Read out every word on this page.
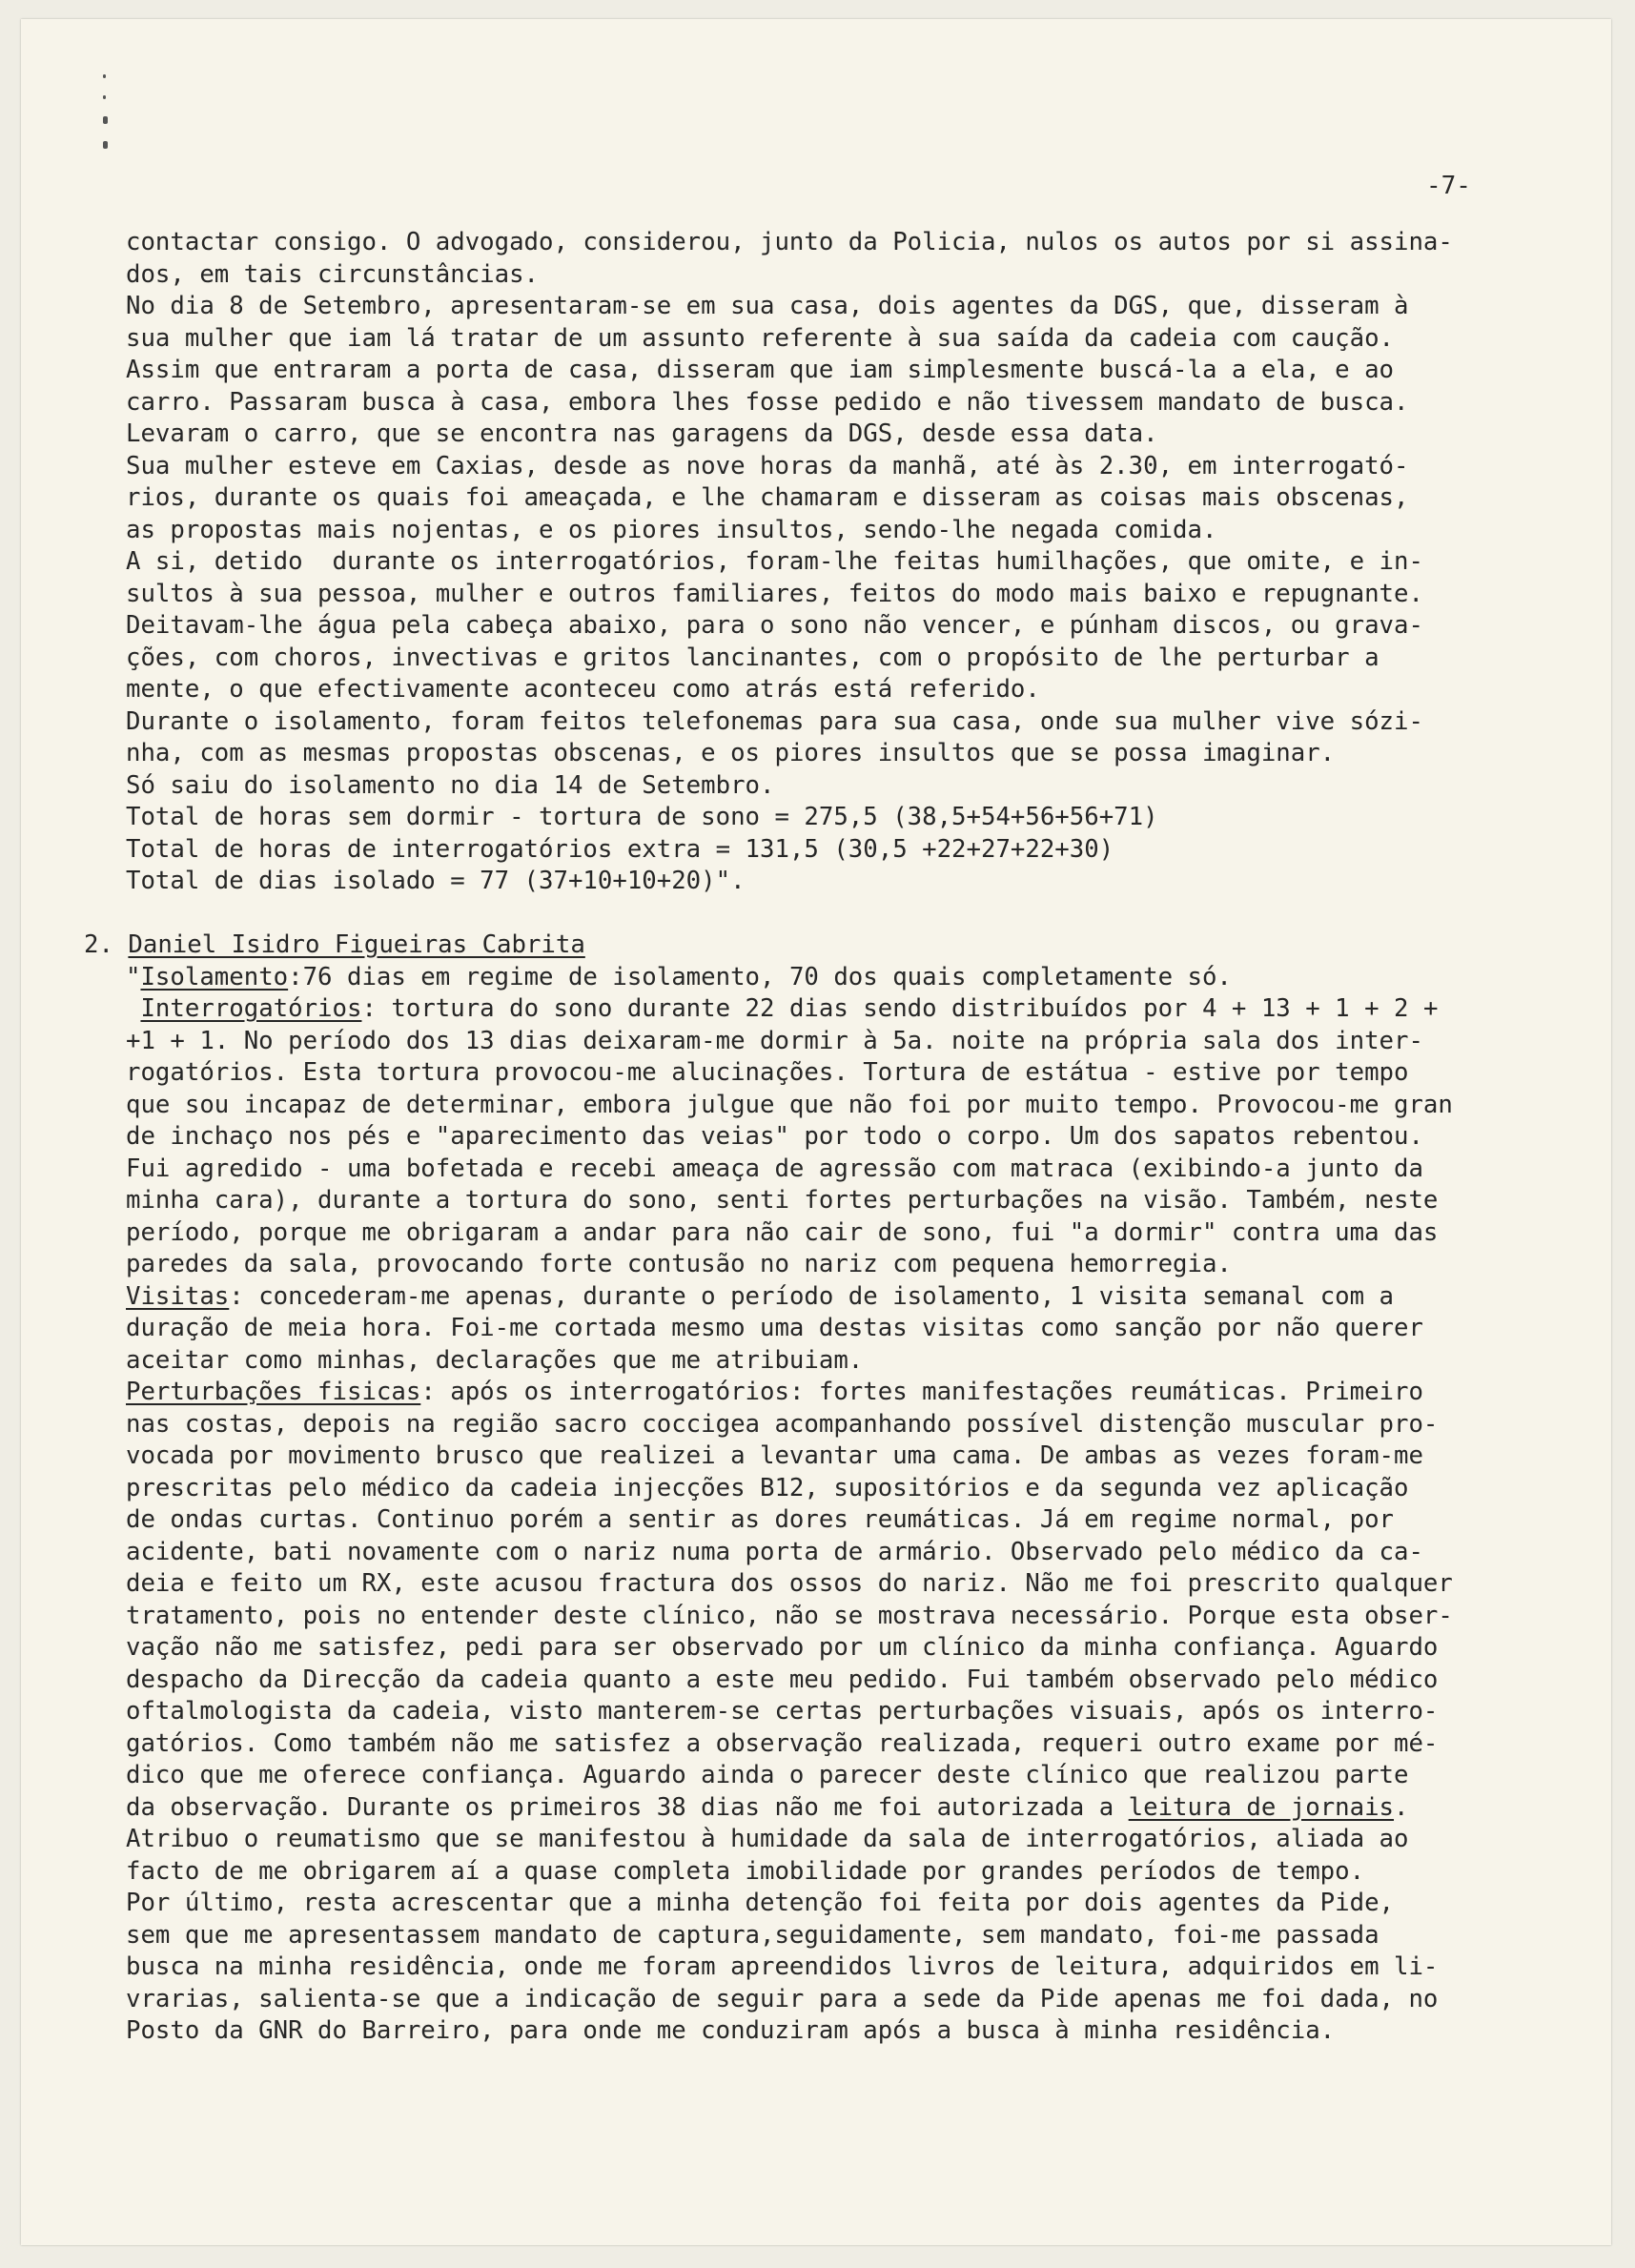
-7-
contactar consigo. O advogado, considerou, junto da Policia, nulos os autos por si assina-
dos, em tais circunstâncias.
No dia 8 de Setembro, apresentaram-se em sua casa, dois agentes da DGS, que, disseram à
sua mulher que iam lá tratar de um assunto referente à sua saída da cadeia com caução.
Assim que entraram a porta de casa, disseram que iam simplesmente buscá-la a ela, e ao
carro. Passaram busca à casa, embora lhes fosse pedido e não tivessem mandato de busca.
Levaram o carro, que se encontra nas garagens da DGS, desde essa data.
Sua mulher esteve em Caxias, desde as nove horas da manhã, até às 2.30, em interrogató-
rios, durante os quais foi ameaçada, e lhe chamaram e disseram as coisas mais obscenas,
as propostas mais nojentas, e os piores insultos, sendo-lhe negada comida.
A si, detido  durante os interrogatórios, foram-lhe feitas humilhações, que omite, e in-
sultos à sua pessoa, mulher e outros familiares, feitos do modo mais baixo e repugnante.
Deitavam-lhe água pela cabeça abaixo, para o sono não vencer, e púnham discos, ou grava-
ções, com choros, invectivas e gritos lancinantes, com o propósito de lhe perturbar a
mente, o que efectivamente aconteceu como atrás está referido.
Durante o isolamento, foram feitos telefonemas para sua casa, onde sua mulher vive sózi-
nha, com as mesmas propostas obscenas, e os piores insultos que se possa imaginar.
Só saiu do isolamento no dia 14 de Setembro.
Total de horas sem dormir - tortura de sono = 275,5 (38,5+54+56+56+71)
Total de horas de interrogatórios extra = 131,5 (30,5 +22+27+22+30)
Total de dias isolado = 77 (37+10+10+20)".
2. Daniel Isidro Figueiras Cabrita
"Isolamento:76 dias em regime de isolamento, 70 dos quais completamente só.
Interrogatórios: tortura do sono durante 22 dias sendo distribuídos por 4 + 13 + 1 + 2 +
+1 + 1. No período dos 13 dias deixaram-me dormir à 5a. noite na própria sala dos inter-
rogatórios. Esta tortura provocou-me alucinações. Tortura de estátua - estive por tempo
que sou incapaz de determinar, embora julgue que não foi por muito tempo. Provocou-me gran
de inchaço nos pés e "aparecimento das veias" por todo o corpo. Um dos sapatos rebentou.
Fui agredido - uma bofetada e recebi ameaça de agressão com matraca (exibindo-a junto da
minha cara), durante a tortura do sono, senti fortes perturbações na visão. Também, neste
período, porque me obrigaram a andar para não cair de sono, fui "a dormir" contra uma das
paredes da sala, provocando forte contusão no nariz com pequena hemorregia.
Visitas: concederam-me apenas, durante o período de isolamento, 1 visita semanal com a
duração de meia hora. Foi-me cortada mesmo uma destas visitas como sanção por não querer
aceitar como minhas, declarações que me atribuiam.
Perturbações fisicas: após os interrogatórios: fortes manifestações reumáticas. Primeiro
nas costas, depois na região sacro coccigea acompanhando possível distenção muscular pro-
vocada por movimento brusco que realizei a levantar uma cama. De ambas as vezes foram-me
prescritas pelo médico da cadeia injecções B12, supositórios e da segunda vez aplicação
de ondas curtas. Continuo porém a sentir as dores reumáticas. Já em regime normal, por
acidente, bati novamente com o nariz numa porta de armário. Observado pelo médico da ca-
deia e feito um RX, este acusou fractura dos ossos do nariz. Não me foi prescrito qualquer
tratamento, pois no entender deste clínico, não se mostrava necessário. Porque esta obser-
vação não me satisfez, pedi para ser observado por um clínico da minha confiança. Aguardo
despacho da Direcção da cadeia quanto a este meu pedido. Fui também observado pelo médico
oftalmologista da cadeia, visto manterem-se certas perturbações visuais, após os interro-
gatórios. Como também não me satisfez a observação realizada, requeri outro exame por mé-
dico que me oferece confiança. Aguardo ainda o parecer deste clínico que realizou parte
da observação. Durante os primeiros 38 dias não me foi autorizada a leitura de jornais.
Atribuo o reumatismo que se manifestou à humidade da sala de interrogatórios, aliada ao
facto de me obrigarem aí a quase completa imobilidade por grandes períodos de tempo.
Por último, resta acrescentar que a minha detenção foi feita por dois agentes da Pide,
sem que me apresentassem mandato de captura,seguidamente, sem mandato, foi-me passada
busca na minha residência, onde me foram apreendidos livros de leitura, adquiridos em li-
vrarias, salienta-se que a indicação de seguir para a sede da Pide apenas me foi dada, no
Posto da GNR do Barreiro, para onde me conduziram após a busca à minha residência.
